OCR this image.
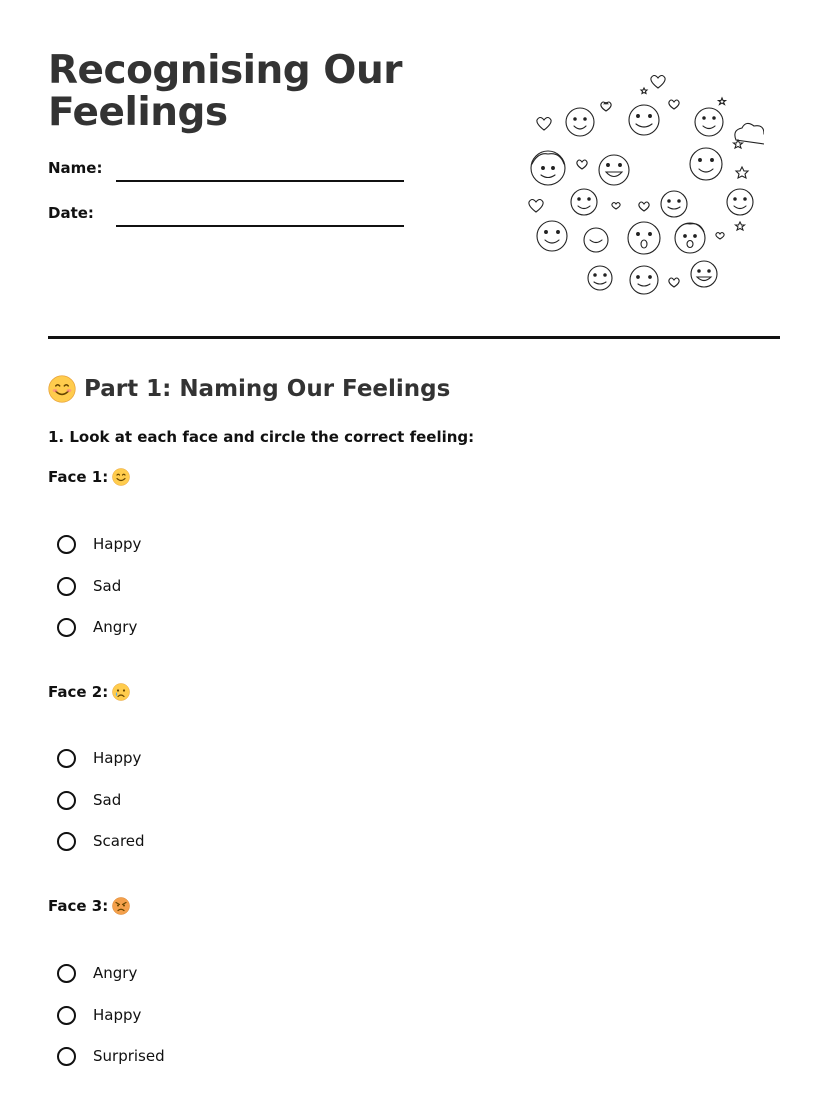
Recognising Our Feelings
Name:
Date:
Part 1: Naming Our Feelings
1. Look at each face and circle the correct feeling:
Face 1:
Happy
Sad
Angry
Face 2:
Happy
Sad
Scared
Face 3:
Angry
Happy
Surprised
